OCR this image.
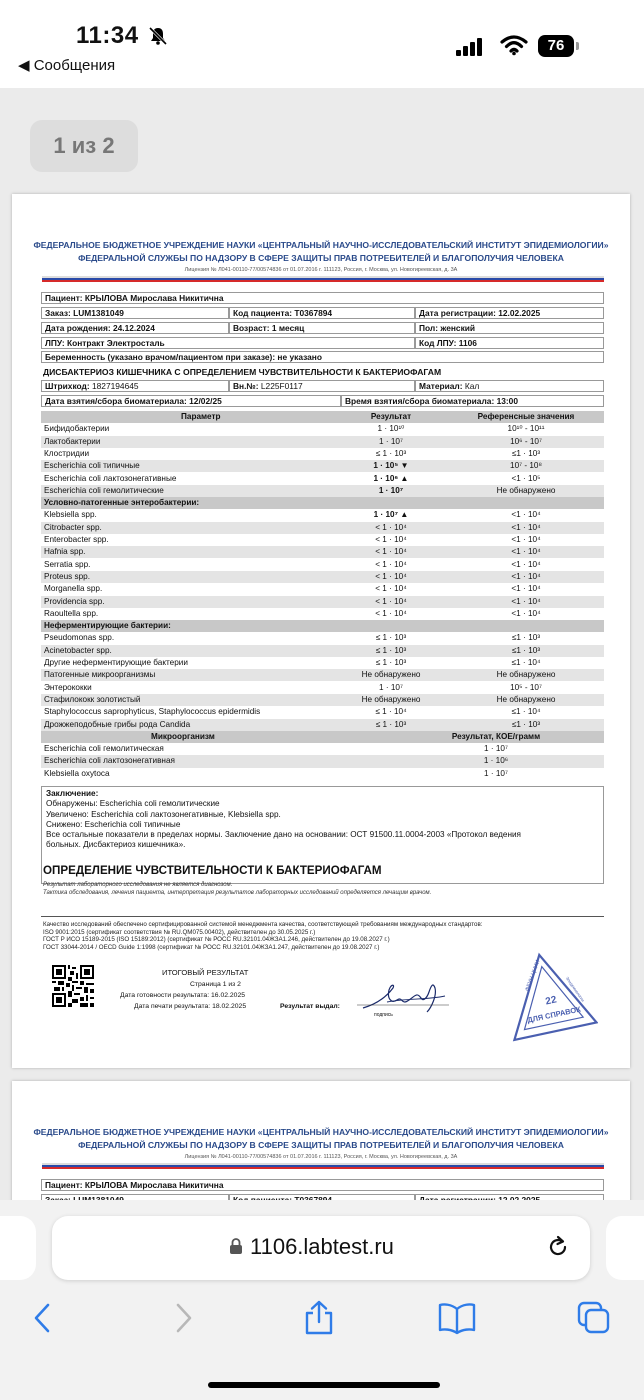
11:34
◀ Сообщения
76
1 из 2
ФЕДЕРАЛЬНОЕ БЮДЖЕТНОЕ УЧРЕЖДЕНИЕ НАУКИ «ЦЕНТРАЛЬНЫЙ НАУЧНО-ИССЛЕДОВАТЕЛЬСКИЙ ИНСТИТУТ ЭПИДЕМИОЛОГИИ»
ФЕДЕРАЛЬНОЙ СЛУЖБЫ ПО НАДЗОРУ В СФЕРЕ ЗАЩИТЫ ПРАВ ПОТРЕБИТЕЛЕЙ И БЛАГОПОЛУЧИЯ ЧЕЛОВЕКА
Лицензия № Л041-00110-77/00574836 от 01.07.2016 г. 111123, Россия, г. Москва, ул. Новогиреевская, д. 3А
Пациент: КРЫЛОВА Мирослава Никитична
Заказ: LUM1381049	Код пациента: T0367894	Дата регистрации: 12.02.2025
Дата рождения: 24.12.2024	Возраст: 1 месяц	Пол: женский
ЛПУ: Контракт Электросталь	Код ЛПУ: 1106
Беременность (указано врачом/пациентом при заказе): не указано
ДИСБАКТЕРИОЗ КИШЕЧНИКА С ОПРЕДЕЛЕНИЕМ ЧУВСТВИТЕЛЬНОСТИ К БАКТЕРИОФАГАМ
Штрихкод: 1827194645	Вн.№: L225F0117	Материал: Кал
Дата взятия/сбора биоматериала: 12/02/25	Время взятия/сбора биоматериала: 13:00
Параметр	Результат	Референсные значения
Бифидобактерии	1 · 10¹⁰	10¹⁰ - 10¹¹
Лактобактерии	1 · 10⁷	10⁶ - 10⁷
Клостридии	≤ 1 · 10³	≤1 · 10³
Escherichia coli типичные	1 · 10⁵ ▼	10⁷ - 10⁸
Escherichia coli лактозонегативные	1 · 10⁶ ▲	<1 · 10⁵
Escherichia coli гемолитические	1 · 10⁷	Не обнаружено
Условно-патогенные энтеробактерии:
Klebsiella spp.	1 · 10⁷ ▲	<1 · 10⁴
Citrobacter spp.	< 1 · 10⁴	<1 · 10⁴
Enterobacter spp.	< 1 · 10⁴	<1 · 10⁴
Hafnia spp.	< 1 · 10⁴	<1 · 10⁴
Serratia spp.	< 1 · 10⁴	<1 · 10⁴
Proteus spp.	< 1 · 10⁴	<1 · 10⁴
Morganella spp.	< 1 · 10⁴	<1 · 10⁴
Providencia spp.	< 1 · 10⁴	<1 · 10⁴
Raoultella spp.	< 1 · 10⁴	<1 · 10⁴
Неферментирующие бактерии:
Pseudomonas spp.	≤ 1 · 10³	≤1 · 10³
Acinetobacter spp.	≤ 1 · 10³	≤1 · 10³
Другие неферментирующие бактерии	≤ 1 · 10³	≤1 · 10⁴
Патогенные микроорганизмы	Не обнаружено	Не обнаружено
Энтерококки	1 · 10⁷	10⁵ - 10⁷
Стафилококк золотистый	Не обнаружено	Не обнаружено
Staphylococcus saprophyticus, Staphylococcus epidermidis	≤ 1 · 10⁴	≤1 · 10⁴
Дрожжеподобные грибы рода Candida	≤ 1 · 10³	≤1 · 10³
Микроорганизм	Результат, КОЕ/грамм
Escherichia coli гемолитическая	1 · 10⁷
Escherichia coli лактозонегативная	1 · 10⁶
Klebsiella oxytoca	1 · 10⁷
Заключение:
Обнаружены: Escherichia coli гемолитические
Увеличено: Escherichia coli лактозонегативные, Klebsiella spp.
Снижено: Escherichia coli типичные
Все остальные показатели в пределах нормы. Заключение дано на основании: ОСТ 91500.11.0004-2003 «Протокол ведения
больных. Дисбактериоз кишечника».
ОПРЕДЕЛЕНИЕ ЧУВСТВИТЕЛЬНОСТИ К БАКТЕРИОФАГАМ
Результат лабораторного исследования не является диагнозом.
Тактика обследования, лечения пациента, интерпретация результатов лабораторных исследований определяется лечащим врачом.
Качество исследований обеспечено сертифицированной системой менеджмента качества, соответствующей требованиям международных стандартов:
ISO 9001:2015 (сертификат соответствия № RU.QM075.00402), действителен до 30.05.2025 г.)
ГОСТ Р ИСО 15189-2015 (ISO 15189:2012) (сертификат № РОСС RU.32101.04ЖЗА1.246, действителен до 19.08.2027 г.)
ГОСТ 33044-2014 / OECD Guide 1:1998 (сертификат № РОСС RU.32101.04ЖЗА1.247, действителен до 19.08.2027 г.)
ИТОГОВЫЙ РЕЗУЛЬТАТ
Страница 1 из 2
Дата готовности результата: 16.02.2025
Дата печати результата: 18.02.2025	Результат выдал:
подпись
22
ДЛЯ СПРАВОК
ФБУН ЦНИИ	Эпидемиологии
ФЕДЕРАЛЬНОЕ БЮДЖЕТНОЕ УЧРЕЖДЕНИЕ НАУКИ «ЦЕНТРАЛЬНЫЙ НАУЧНО-ИССЛЕДОВАТЕЛЬСКИЙ ИНСТИТУТ ЭПИДЕМИОЛОГИИ»
ФЕДЕРАЛЬНОЙ СЛУЖБЫ ПО НАДЗОРУ В СФЕРЕ ЗАЩИТЫ ПРАВ ПОТРЕБИТЕЛЕЙ И БЛАГОПОЛУЧИЯ ЧЕЛОВЕКА
Лицензия № Л041-00110-77/00574836 от 01.07.2016 г. 111123, Россия, г. Москва, ул. Новогиреевская, д. 3А
Пациент: КРЫЛОВА Мирослава Никитична
1106.labtest.ru
